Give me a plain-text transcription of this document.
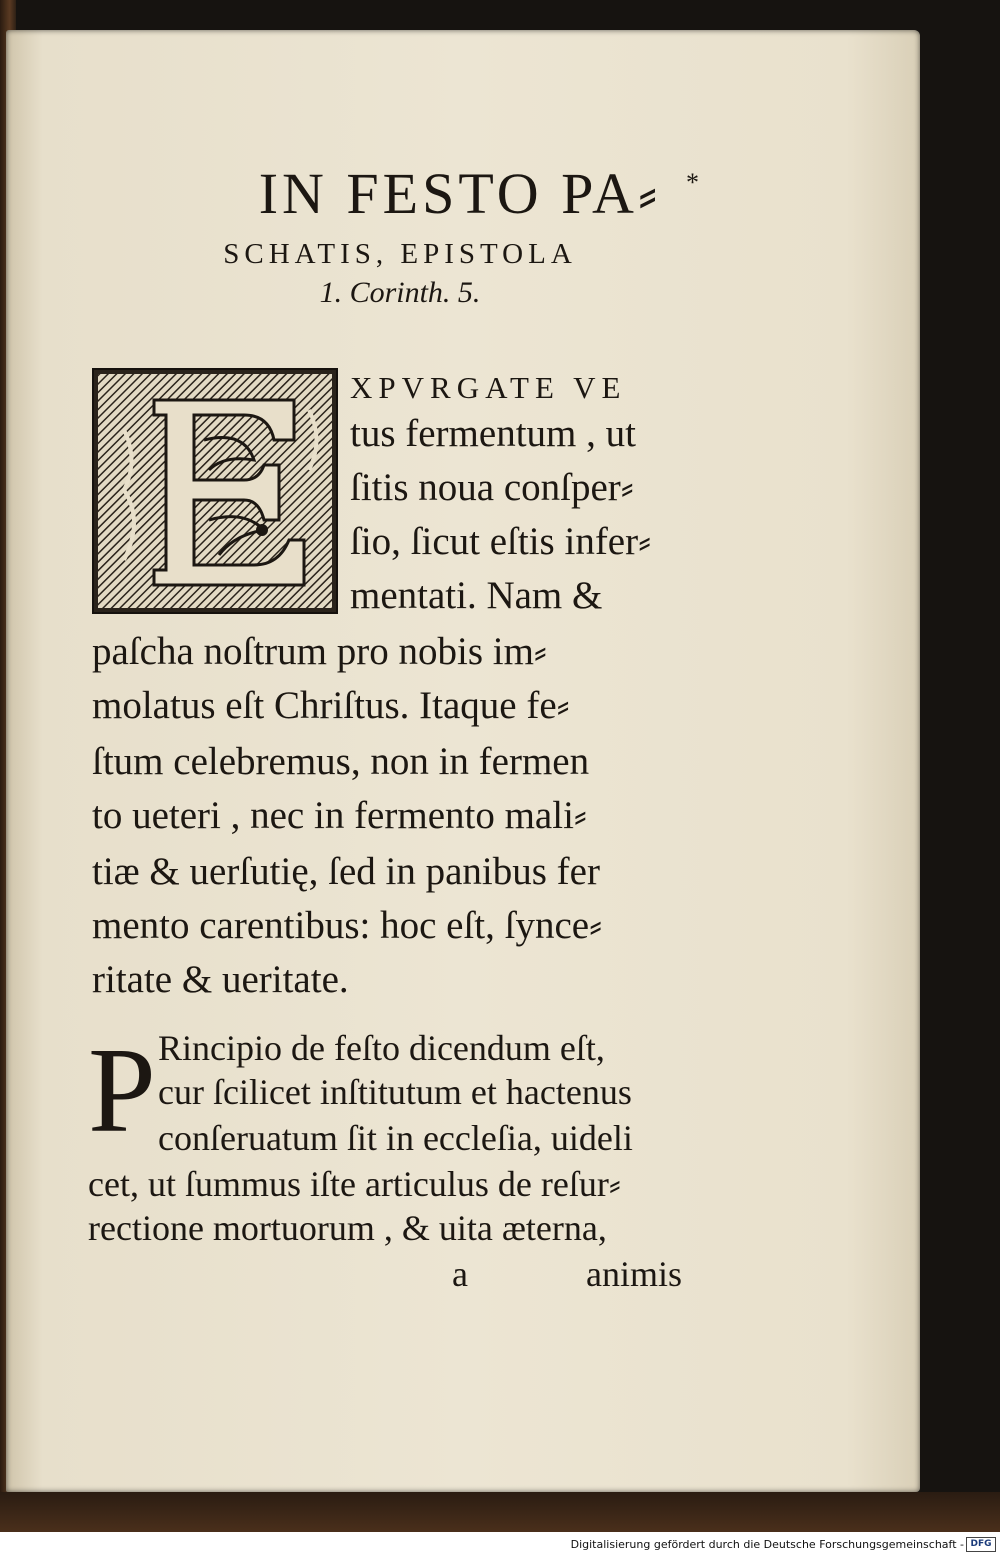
IN FESTO PA⸗
SCHATIS, EPISTOLA
1. Corinth. 5.
*
XPVRGATE VE
tus fermentum , ut
ſitis noua conſper⸗
ſio, ſicut eſtis infer⸗
mentati. Nam &
paſcha noſtrum pro nobis im⸗
molatus eſt Chriſtus. Itaque fe⸗
ſtum celebremus, non in fermen
to ueteri , nec in fermento mali⸗
tiæ & uerſutię, ſed in panibus fer
mento carentibus: hoc eſt, ſynce⸗
ritate & ueritate.
P Rincipio de feſto dicendum eſt,
cur ſcilicet inſtitutum et hactenus
conſeruatum ſit in eccleſia, uideli
cet, ut ſummus iſte articulus de reſur⸗
rectione mortuorum , & uita æterna,
a	animis
Digitalisierung gefördert durch die Deutsche Forschungsgemeinschaft - DFG
